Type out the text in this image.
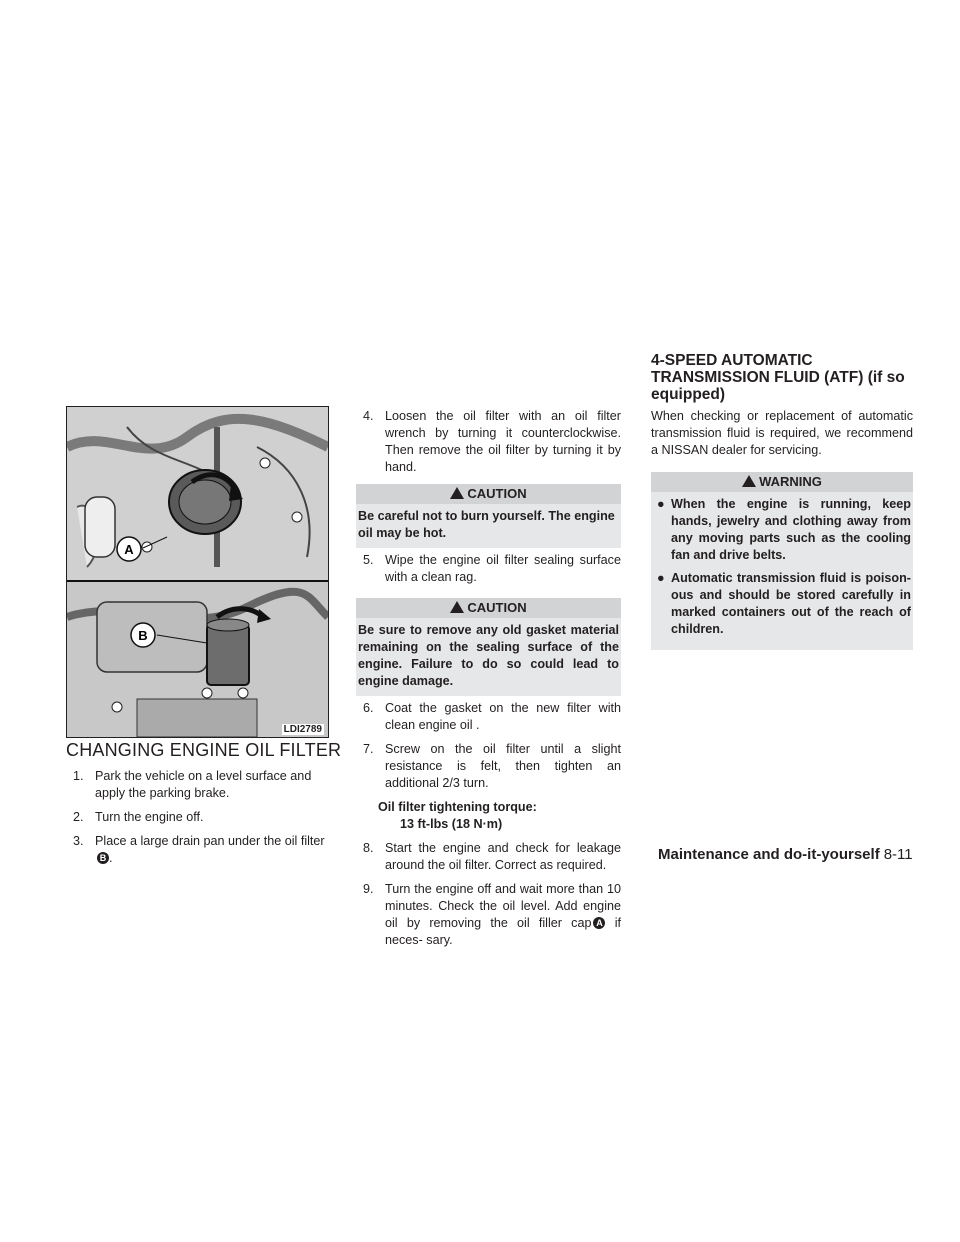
A
B
LDI2789
CHANGING ENGINE OIL FILTER
1. Park the vehicle on a level surface and apply the parking brake.
2. Turn the engine off.
3. Place a large drain pan under the oil filterB .
4. Loosen the oil filter with an oil filter wrench by turning it counterclockwise. Then remove the oil filter by turning it by hand.
CAUTION
Be careful not to burn yourself. The engine oil may be hot.
5. Wipe the engine oil filter sealing surface with a clean rag.
CAUTION
Be sure to remove any old gasket material remaining on the sealing surface of the engine. Failure to do so could lead to engine damage.
6. Coat the gasket on the new filter with clean engine oil .
7. Screw on the oil filter until a slight resistance is felt, then tighten an additional 2/3 turn.
Oil filter tightening torque:
13 ft-lbs (18 N·m)
8. Start the engine and check for leakage around the oil filter. Correct as required.
9. Turn the engine off and wait more than 10 minutes. Check the oil level. Add engine oil by removing the oil filler cap A if neces- sary.
4-SPEED AUTOMATIC TRANSMISSION FLUID (ATF) (if so equipped)

When checking or replacement of automatic transmission fluid is required, we recommend a NISSAN dealer for servicing.

WARNING
● When the engine is running, keep hands, jewelry and clothing away from any moving parts such as the cooling fan and drive belts.
● Automatic transmission fluid is poison- ous and should be stored carefully in marked containers out of the reach of children.
Maintenance and do-it-yourself 8-11
